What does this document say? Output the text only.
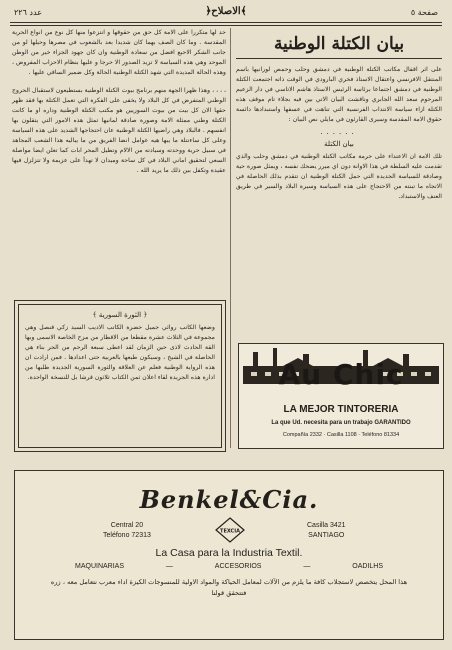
عدد ٢٢٦	﴿الاصلاح﴾	صفحة ٥
حد لها متكررا على الامة كل حق من حقوقها و انتزعوا منها كل نوع من انواع الحرية المقدسة . وما كان الصف بهما كان شديدا بعد بالشعوب في مصرها وحيلها لو من جانب الشكر الاحيع افضل من سعادة الوطنية وان كان جهود الجزاء خير من الوطن الموحد وهي هذه السياسة لا تزيد الصدور الا حرجا و عليها بنظام الاحزاب المفروض ، وهذه الحالة المديدة التي شهد الكتلة الوطنية الحالة وكل ضمير الساقي عليها .
، ، ، ، وهذا ظهرا الجهة منهم برنامج بيوت الكتلة الوطنية بستطيعون لاستقبال الحروج الوطني المتفرض في كل البلاد ولا يخفى على الفكرة التي تعمل الكتلة بها فقد ظهر حقها الان كل بيت من بيوت السوريين هو مكتب الكتلة الوطنية وداره او ما كانت الكتلة وطني ممثلة الامة وصورة صادقة لمانيها تمثل هذه الامور التي يتقلون بها انفسهم . فالبلاد وهي راضيها الكتلة الوطنية عان احتجاجها الشديد على هذه السياسة وعلى كل ساءنتلة ما يبها هيه عوامل انضا الفريق من ما يباليه هذا الشعب المجاهد في سبيل حرية ووحدته وسيادته من الالام وتطيل المحر ابات كما تعلن ايضا مواصلة السعي لتحقيق اماني البلاد في كل ساحة وميدان لا تهدأ على عزيمة ولا تتزلزل فيها عقيدة وتكفل بين ذلك ما يريد الله .
﴿ الثورة السورية ﴾
وضعها الكاتب روائي جميل حضرة الكاتب الاديب السيد زكي قنصل وهي مجموعة في الثلاث عشرة مقطعا من الاقطار من مزح الخاصة الاسمى وبها القة الحادث لاذى حين الزمان لقد اعطى سبعة الرحم من الحر بناء هي الحاصلة في الشيخ ، وسيكون طبعها بالعربية حتى اعدادها . فمن ارادت ان هذه الرواية الوطنية فعلم عن العلاقة والثورة السورية الجديدة طلبها من ادارة هذه الجريدة لقاء اعلان ثمن الكتاب ثلاثون قرشا بل للنسخة الواحدة.
بيان الكتلة الوطنية
على اثر اقفال مكاتب الكتلة الوطنية في دمشق وحلب وحمص لورانيها باسم المنتقل الافرنسي واعتقال الاستاذ فخري البارودي في الوقت ذاته اجتمعت الكتلة الوطنية في دمشق اجتماعا برئاسة الرئيس الاستاذ هاشم الاتاسي في دار الزعيم المرحوم سعد الله الجابري وناقشت البيان الاتي بين فيه بجلاء تام موقف هذه الكتلة ازاء سياسة الانتداب الفرنسية التي تناهت في عسفها واستبدادها دائسة حقوق الامة المقدسة وسيرى القارئون في مايلي نص البيان :
......
بيان الكتلة
تلك الامة ان الاعتداء على حرمة مكاتب الكتلة الوطنية في دمشق وحلب والذي تقدمت عليه السلطة في هذا الاوانة دون اي ميرر يضحك نفسه ، ويمثل صورة حية وصادقة للسياسة الجديدة التي حمل الكتلة الوطنية ان تتقدم بذلك الحاصلة في الاتجاه ما تبنته من الاحتجاج على هذه السياسة وسيرة البلاد والسير في طريق العنف والاستبداد.
Au Chic
LA MEJOR TINTORERIA
La que Ud. necesita para un trabajo GARANTIDO
Compañía 2332 · Casilla 1108 · Teléfono 81334
Benkel&Cia.
TEXCIA
Central 20
Teléfono 72313
Casilla 3421
SANTIAGO
La Casa para la Industria Textil.
MAQUINARIAS	—	ACCESORIOS	—	OADILHS
هذا المحل يتخصص لاستجلاب كافة ما يلزم من الآلات لمعامل الحياكة والمواد الاولية للمنسوجات الكيزة اداء معرب نتعامل معه ، زره فتتحقق قولنا
